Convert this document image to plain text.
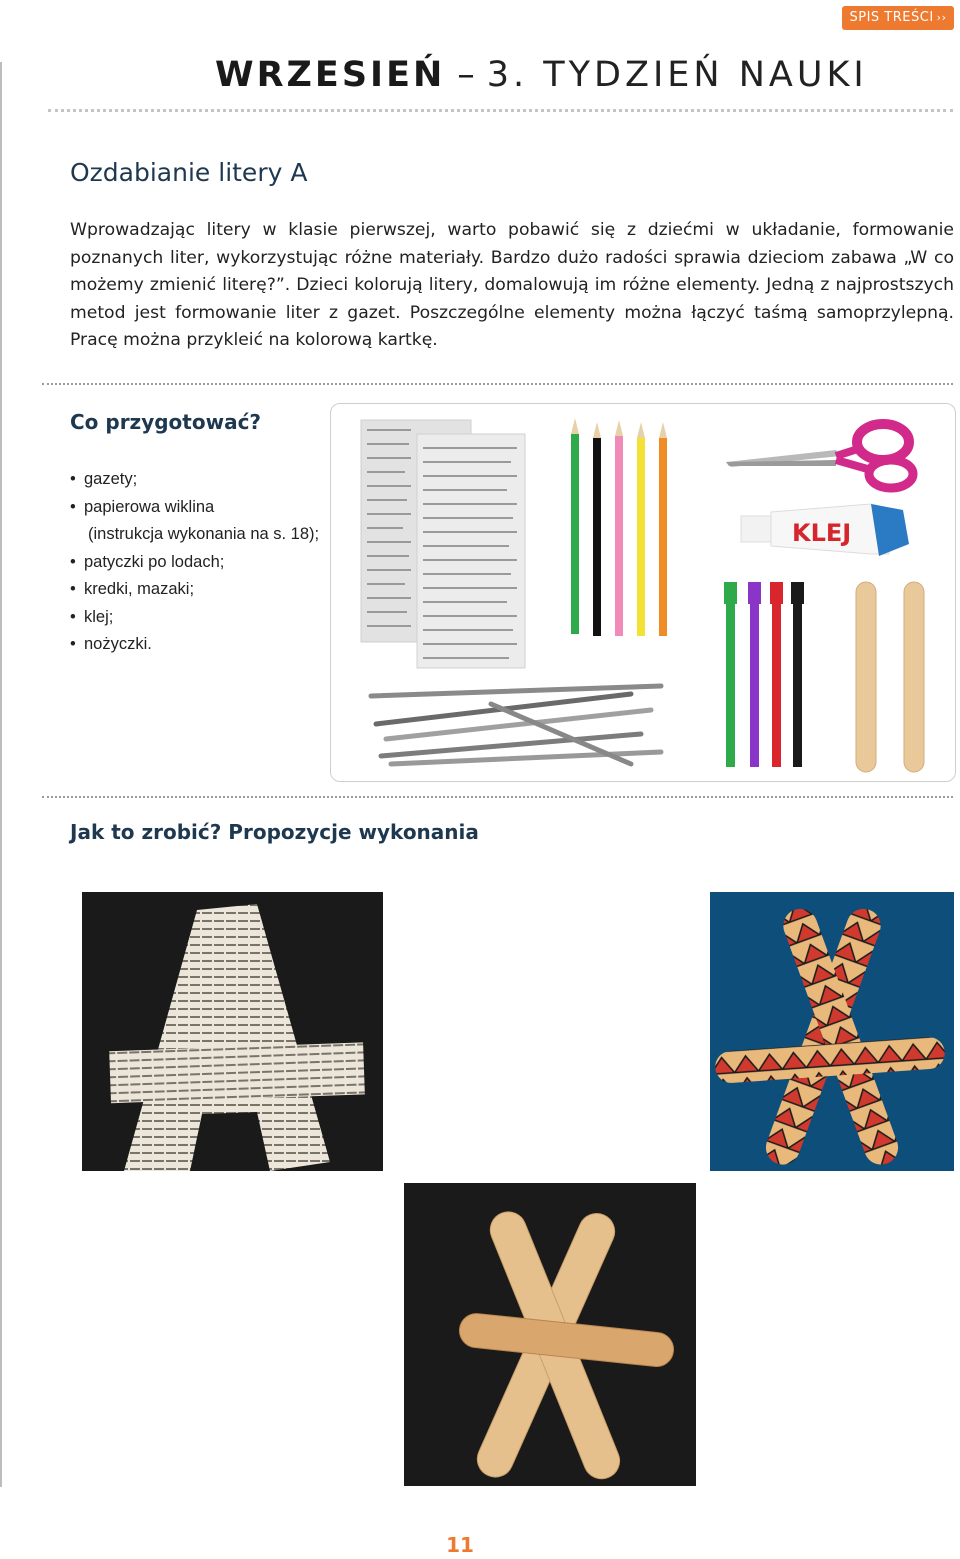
SPIS TREŚCI ››
WRZESIEŃ – 3. TYDZIEŃ NAUKI
Ozdabianie litery A
Wprowadzając litery w klasie pierwszej, warto pobawić się z dziećmi w układanie, formowanie poznanych liter, wykorzystując różne materiały. Bardzo dużo radości sprawia dzieciom zabawa „W co możemy zmienić literę?”. Dzieci kolorują litery, domalowują im różne elementy. Jedną z najprostszych metod jest formowanie liter z gazet. Poszczególne elementy można łączyć taśmą samoprzylepną. Pracę można przykleić na kolorową kartkę.
Co przygotować?
• gazety;
• papierowa wiklina
(instrukcja wykonania na s. 18);
• patyczki po lodach;
• kredki, mazaki;
• klej;
• nożyczki.
KLEJ
Jak to zrobić? Propozycje wykonania
11
